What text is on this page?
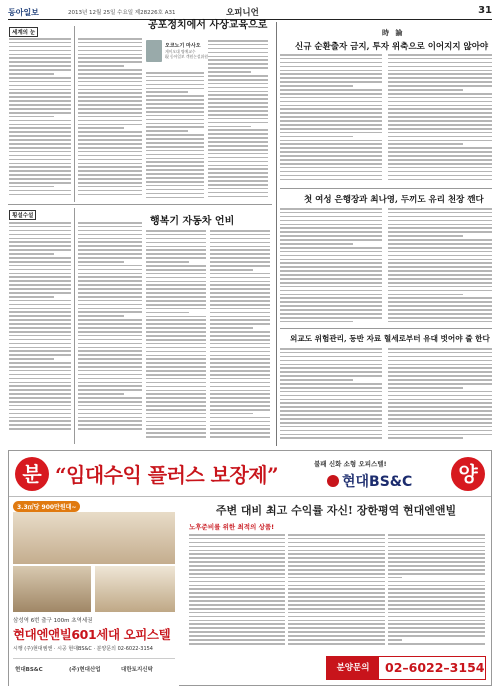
동아일보	2013년 12월 25일 수요일 제28226호 A31	오피니언	31
세계의 눈
공포정치에서 사상교육으로
오코노기 마사오
게이오대 명예교수
現 동아일보 객원논설위원
횡설수설	행복기 자동차 언비
時 論
신규 순환출자 금지, 투자 위축으로 이어지지 않아야
첫 여성 은행장과 최나영, 두끼도 유리 천장 깬다
외교도 위험관리, 동반 자료 혈세로부터 유대 벗어야 줄 한다
분 “임대수익 플러스 보장제”	불패 신화 소형 오피스텔!
현대BS&C	양
3.3㎡당 900만원대~
삼성역 6번 출구 100m 초역세권
현대엔앤빌601세대 오피스텔
시행 (주)현대엠앤 · 시공 현대BS&C · 분양문의 02-6022-3154
현대BS&C	(주)현대산업	대한토지신탁
주변 대비 최고 수익률 자신! 장한평역 현대엔앤빌
노후준비를 위한 최적의 상품!
분양문의	02–6022–3154
